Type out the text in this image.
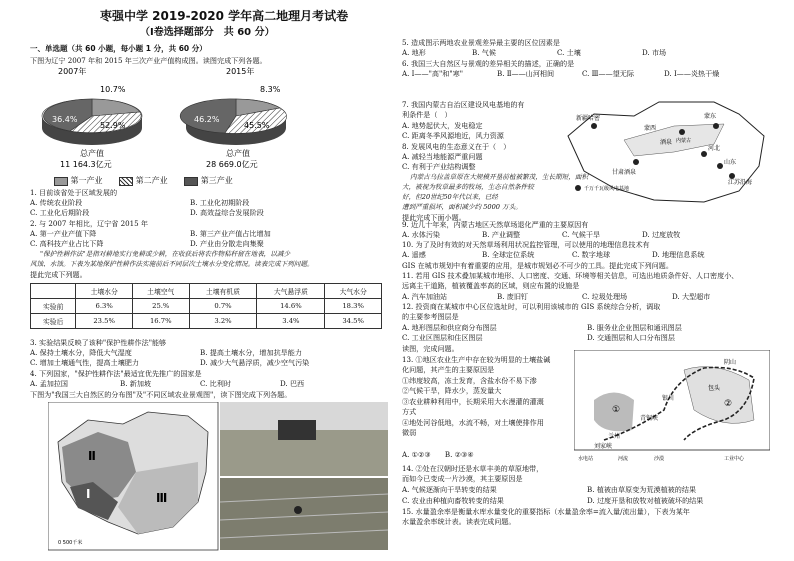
枣强中学 2019-2020 学年高二地理月考试卷
（Ⅰ卷选择题部分　共 60 分）
一、单选题（共 60 小题，每小题 1 分，共 60 分）
下图为辽宁 2007 年和 2015 年三次产业产值构成图。读图完成下列各题。
2007年
10.7%
52.9%
36.4%
总产值
11 164.3亿元
2015年
8.3%
45.5%
46.2%
总产值
28 669.0亿元
第一产业	第二产业	第三产业
1. 目前该省处于区域发展的
A. 传统农业阶段	B. 工业化初期阶段
C. 工业化后期阶段	D. 高效益综合发展阶段
2. 与 2007 年相比，辽宁省 2015 年
A. 第一产业产值下降	B. 第三产业产值占比增加
C. 高科技产业占比下降	D. 产业由分散走向集聚
"保护性耕作法"是指对耕地实行免耕或少耕，在收获后将农作物秸秆留在地表，以减少
风蚀、水蚀。下表为某地保护性耕作法实施前后不同层次土壤水分变化情况。读表完成下列问题。
提此完成下列题。
	土壤水分	土壤空气	土壤有机质	大气悬浮质	大气水分
实验前	6.3%	25.%	0.7%	14.6%	18.3%
实验后	23.5%	16.7%	3.2%	3.4%	34.5%
3. 实验结果反映了该种"保护性耕作法"能够
A. 保持土壤水分，降低大气湿度	B. 提高土壤水分，增加抗旱能力
C. 增加土壤通气性，提高土壤肥力	D. 减少大气悬浮质，减少空气污染
4. 下列国家，"保护性耕作法"最适宜优先推广的国家是
A. 孟加拉国	B. 新加坡	C. 比利时	D. 巴西
下图为"我国三大自然区的分布图"及"不同区域农业景观图"，读下图完成下列各题。
Ⅱ
Ⅰ	Ⅲ
0 500千米
5. 造成图示两地农业景观差异最主要的区位因素是
A. 地形	B. 气候	C. 土壤	D. 市场
6. 我国三大自然区与景观的差异相关的描述，正确的是
A. Ⅰ——"高"和"寒"	B. Ⅱ——山河相间	C. Ⅲ——望无际	D. Ⅰ——炎热干燥
7. 我国内蒙古自治区建设风电基地的有
利条件是（　）
A. 地势起伏大，发电稳定
C. 距离冬季风源地近，风力资源
8. 发展风电的生态意义在于（　）
A. 减轻当地能源严重问题
C. 有利于产业结构调整
内蒙古乌拉盖草原在大规模开垦前植被繁茂，生长期短，面积
大，被视为牧草最多的牧场，生态自然条件较
好，但20世纪50年代以来，已经
遭到严重损坏，面积减少约 5000 万头。
提此完成下面小题。
新疆哈密
蒙西
蒙东
酒泉 内蒙古
甘肃酒泉
河北
山东
江苏沿海
千万千瓦级风电基地
9. 近几十年来，内蒙古地区天然草场退化严重的主要原因有
A. 水体污染	B. 产业调整	C. 气候干旱	D. 过度放牧
10. 为了及时有效的对天然草场利用状况监控管理，可以使用的地理信息技术有
A. 遥感	B. 全球定位系统	C. 数字地球	D. 地理信息系统
GIS 在城市规划中有着重要的应用，是城市规划必不可少的工具。提此完成下列问题。
11. 若用 GIS 技术叠加某城市地形、人口密度、交通、环境等相关信息，可选出地质条件好、人口密度小、
远离主干道路，植被覆盖率高的区域，则应布置的设施是
A. 汽车加油站	B. 废旧钉	C. 垃圾处理场	D. 大型超市
12. 投资商在某城市中心区位选址时，可以利用该城市的 GIS 系统综合分析，调取
的主要参考图层是
A. 地形图层和供应商分布图层	B. 服务业企业图层和通讯图层
C. 工业区图层和住区图层	D. 交通图层和人口分布图层
读图，完成问题。
13. ①地区农业生产中存在较为明显的土壤盐碱
化问题，其产生的主要原因是
①纬度较高，冻土发育，含盐水份不易下渗
②气候干旱，降水少，蒸发量大
③农业耕种利用中，长期采用大水漫灌的灌溉
方式
④地处河谷低地，水流不畅，对土壤使排作用
微弱
A. ①②③　　B. ②③④
阴山
银川
兰州
包头
刘家峡
青铜峡
②
①
水电站	河流	沙漠	工业中心
14. ②处在汉朝时还是水草丰美的草原地带，
而如今已变成一片沙漠，其主要原因是
A. 气候逐渐向干旱转变的结果	B. 植被由草原变为荒漠植被的结果
C. 农业由种植向畜牧转变的结果	D. 过度开垦和放牧对植被破坏的结果
15. 水量盈余率是衡量水库水量变化的重要指标（水量盈余率=流入量/流出量），下表为某年
水量盈余率统计表。读表完成问题。
